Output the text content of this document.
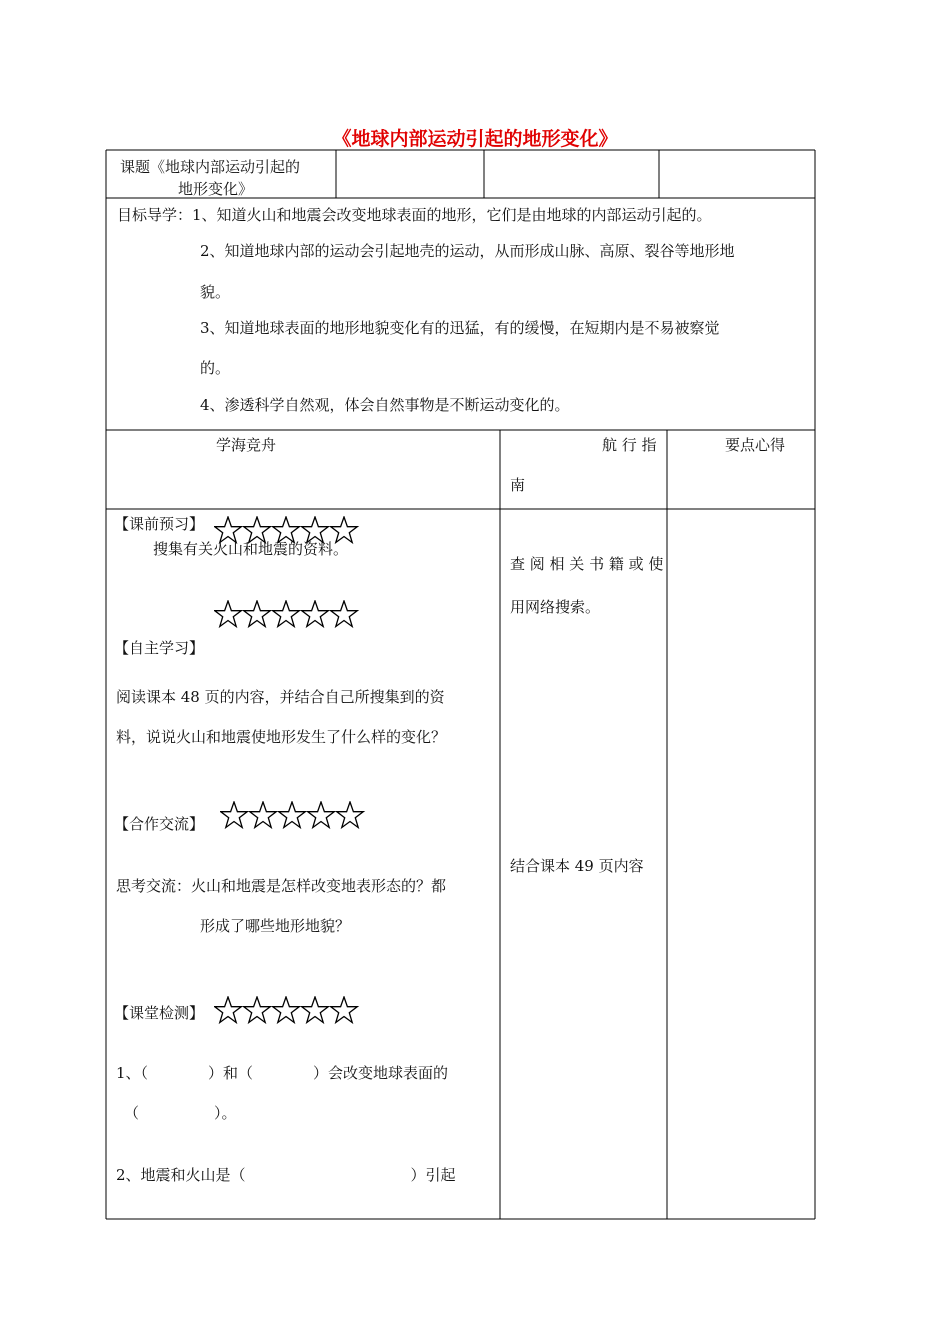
《地球内部运动引起的地形变化》
课题《地球内部运动引起的
地形变化》
目标导学：1、知道火山和地震会改变地球表面的地形，它们是由地球的内部运动引起的。
2、知道地球内部的运动会引起地壳的运动，从而形成山脉、高原、裂谷等地形地
貌。
3、知道地球表面的地形地貌变化有的迅猛，有的缓慢，在短期内是不易被察觉
的。
4、渗透科学自然观，体会自然事物是不断运动变化的。
学海竞舟	航 行 指
南
要点心得
【课前预习】
搜集有关火山和地震的资料。
查 阅 相 关 书 籍 或 使
用网络搜索。
【自主学习】
阅读课本 48 页的内容，并结合自己所搜集到的资
料，说说火山和地震使地形发生了什么样的变化？
【合作交流】
结合课本 49 页内容
思考交流：火山和地震是怎样改变地表形态的？都
形成了哪些地形地貌？
【课堂检测】
1、（　　　　）和（　　　　）会改变地球表面的
（　　　　　）。
2、地震和火山是（　　　　　　　　　　　）引起
